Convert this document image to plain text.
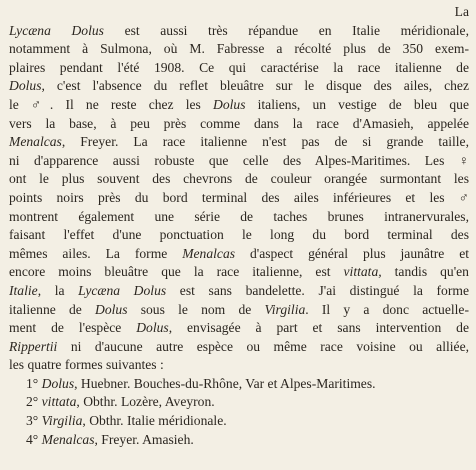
La
Lycæna Dolus est aussi très répandue en Italie méridionale,
notamment à Sulmona, où M. Fabresse a récolté plus de 350 exem-
plaires pendant l'été 1908. Ce qui caractérise la race italienne de
Dolus, c'est l'absence du reflet bleuâtre sur le disque des ailes, chez
le ♂. Il ne reste chez les Dolus italiens, un vestige de bleu que
vers la base, à peu près comme dans la race d'Amasieh, appelée
Menalcas, Freyer. La race italienne n'est pas de si grande taille,
ni d'apparence aussi robuste que celle des Alpes-Maritimes. Les ♀
ont le plus souvent des chevrons de couleur orangée surmontant les
points noirs près du bord terminal des ailes inférieures et les ♂
montrent également une série de taches brunes intranervurales,
faisant l'effet d'une ponctuation le long du bord terminal des
mêmes ailes. La forme Menalcas d'aspect général plus jaunâtre et
encore moins bleuâtre que la race italienne, est vittata, tandis qu'en
Italie, la Lycæna Dolus est sans bandelette. J'ai distingué la forme
italienne de Dolus sous le nom de Virgilia. Il y a donc actuelle-
ment de l'espèce Dolus, envisagée à part et sans intervention de
Rippertii ni d'aucune autre espèce ou même race voisine ou alliée,
les quatre formes suivantes :
1° Dolus, Huebner. Bouches-du-Rhône, Var et Alpes-Maritimes.
2° vittata, Obthr. Lozère, Aveyron.
3° Virgilia, Obthr. Italie méridionale.
4° Menalcas, Freyer. Amasieh.
